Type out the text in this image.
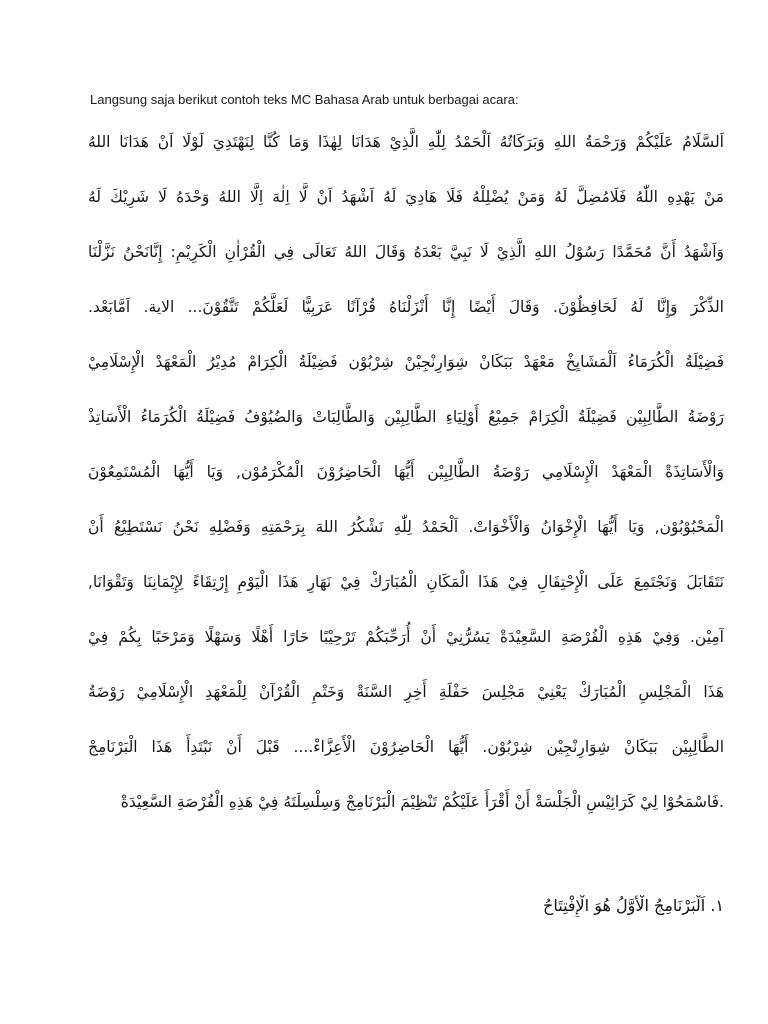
Langsung saja berikut contoh teks MC Bahasa Arab untuk berbagai acara:
اَلسَّلَامُ عَلَيْكُمْ وَرَحْمَةُ اللهِ وَبَرَكَاتُهُ اَلْحَمْدُ لِلّٰهِ الَّذِيْ هَدَانَا لِهٰذَا وَمَا كُنَّا لِنَهْتَدِيَ لَوْلَا اَنْ هَدَانَا اللهُ
مَنْ يَهْدِهِ اللّٰهُ فَلَامُضِلَّ لَهُ وَمَنْ يُضْلِلْهُ فَلَا هَادِيَ لَهُ اَشْهَدُ اَنْ لَّا اِلٰهَ اِلَّا اللهُ وَحْدَهُ لَا شَرِيْكَ لَهُ
وَاَشْهَدُ أَنَّ مُحَمَّدًا رَسُوْلُ اللهِ الَّذِيْ لَا نَبِيَّ بَعْدَهُ وَقَالَ اللهُ تَعَالَى فِي الْقُرْاٰنِ الْكَرِيْمِ: إِنَّانَحْنُ نَزَّلْنَا
الذِّكْرَ وَإِنَّا لَهُ لَحَافِظُوْنَ. وَقَالَ أَيْضًا إِنَّا أَنْزَلْنَاهُ قُرْآنًا عَرَبِيًّا لَعَلَّكُمْ تَتَّقُوْنَ... الاية. اَمَّابَعْد.
فَضِيْلَةُ الْكُرَمَاءُ اَلْمَشَايِخْ مَعْهَدْ بَبَكَانْ شِوَارِنْجِيْنْ شِرْبُوْن فَضِيْلَةُ الْكِرَامْ مُدِيْرُ الْمَعْهَدْ الْإِسْلَامِيْ
رَوْضَةُ الطَّالِبِيْن فَضِيْلَةُ الْكِرَامْ جَمِيْعُ أَوْلِيَاءِ الطَّالِبِيْن وَالطَّالِبَاتْ وَالضُيُوْفُ فَضِيْلَةُ الْكُرَمَاءُ الْأَسَاتِذْ
وَالْأَسَاتِذَةْ الْمَعْهَدْ الْإِسْلَامِي رَوْضَةُ الطَّالِبِيْن أَيُّهَا الْحَاضِرُوْنَ الْمُكْرَمُوْن, وَيَا أَيُّهَا الْمُسْتَمِعُوْنَ
الْمَحْبُوْبُوْن, وَيَا أَيُّهَا الْإِخْوَانُ وَالْأَخْوَاتْ. اَلْحَمْدُ لِلّٰهِ نَشْكُرُ اللهَ بِرَحْمَتِهِ وَفَضْلِهِ نَحْنُ نَسْتَطِيْعُ أَنْ
نَتَقَابَلَ وَنَجْتَمِعَ عَلَى الْإِحْتِفَالِ فِيْ هَذَا الْمَكَانِ الْمُبَارَكْ فِيْ نَهَارِ هَذَا الْيَوْمِ إِرْتِقَاءً لِإِيْمَانِنَا وَتَقْوَانَا,
آمِيْن. وَفِيْ هَذِهِ الْفُرْصَةِ السَّعِيْدَةْ يَسُرُّنِيْ أَنْ أُرَحِّبَكُمْ تَرْحِيْبًا حَارًا أَهْلًا وَسَهْلًا وَمَرْحَبًا بِكُمْ فِيْ
هَذَا الْمَجْلِسِ الْمُبَارَكْ يَعْنِيْ مَجْلِسَ حَفْلَةِ أَخِرِ السَّنَةْ وَخَتْمِ الْقُرْآنْ لِلْمَعْهَدِ الْإِسْلَامِيْ رَوْضَةُ
الطَّالِبِيْن بَبَكَانْ شِوَارِنْجِيْن شِرْبُوْن. أَيُّهَا الْحَاضِرُوْنَ الْأَعِزَّاءْ.... قَبْلَ أَنْ نَبْتَدِأَ هَذَا الْبَرْنَامِجْ
.فَاسْمَحُوْا لِيْ كَرَائِيْسِ الْجَلْسَةْ أَنْ أَقْرَأَ عَلَيْكُمْ تَنْظِيْمَ الْبَرْنَامِجْ وَسِلْسِلَتَهُ فِيْ هَذِهِ الْفُرْصَةِ السَّعِيْدَةْ
١. اَلْبَرْنَامِجُ الْأَوَّلُ هُوَ الْإِفْتِتَاحُ
